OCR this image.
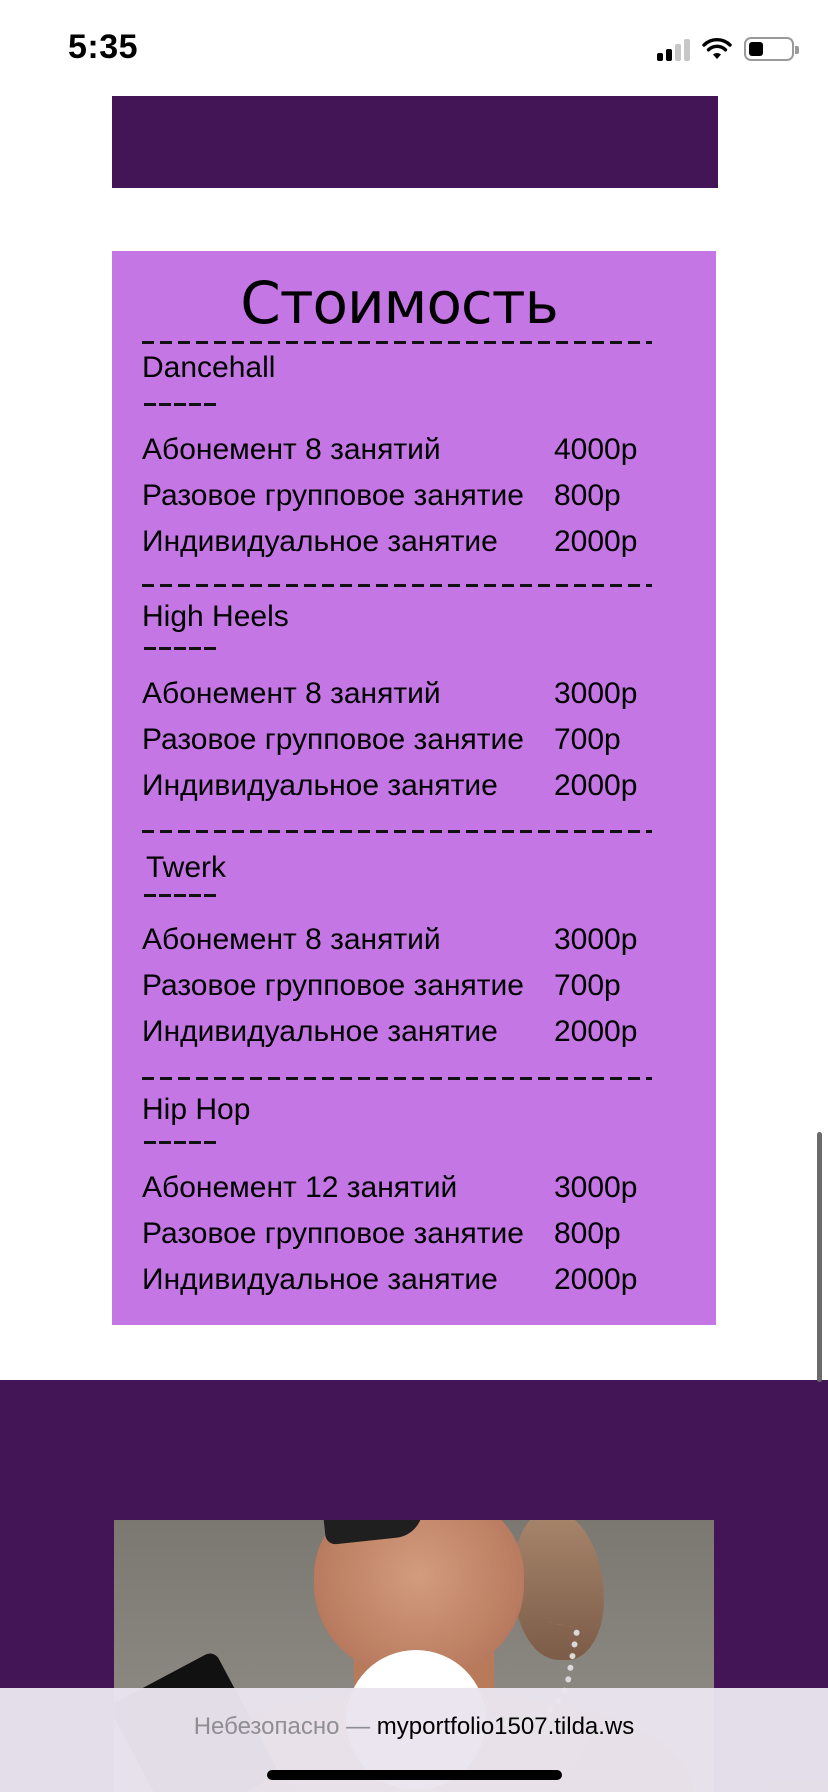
5:35
Стоимость
Dancehall
Абонемент 8 занятий	4000р
Разовое групповое занятие 800р
Индивидуальное занятие 2000р
High Heels
Абонемент 8 занятий	3000р
Разовое групповое занятие 700р
Индивидуальное занятие 2000р
Twerk
Абонемент 8 занятий	3000р
Разовое групповое занятие 700р
Индивидуальное занятие 2000р
Hip Hop
Абонемент 12 занятий	3000р
Разовое групповое занятие 800р
Индивидуальное занятие 2000р
Небезопасно — myportfolio1507.tilda.ws
